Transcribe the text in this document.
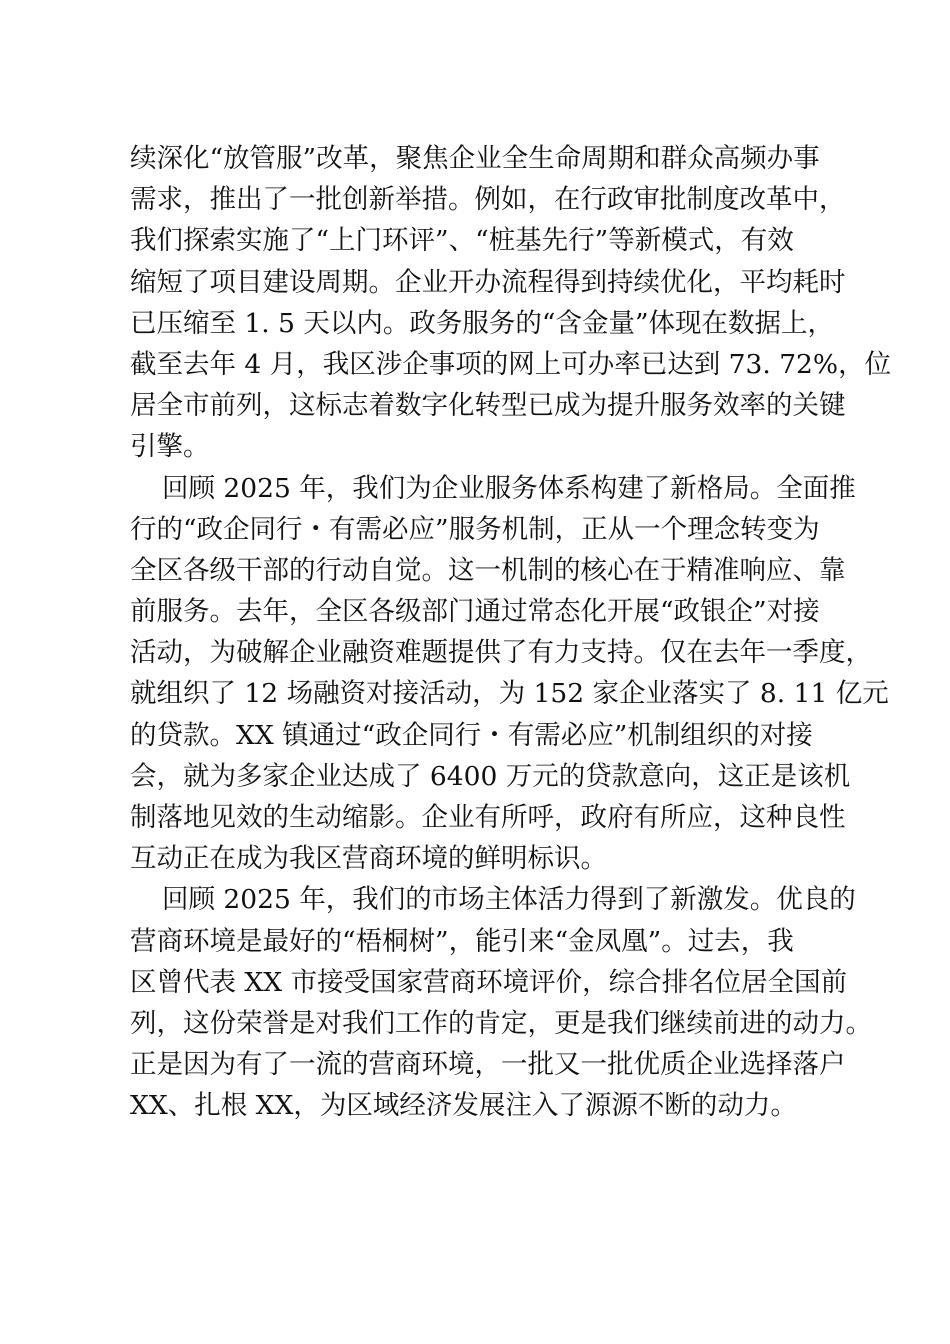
续深化“放管服”改革，聚焦企业全生命周期和群众高频办事
需求，推出了一批创新举措。例如，在行政审批制度改革中，
我们探索实施了“上门环评”、“桩基先行”等新模式，有效
缩短了项目建设周期。企业开办流程得到持续优化，平均耗时
已压缩至 1. 5 天以内。政务服务的“含金量”体现在数据上，
截至去年 4 月，我区涉企事项的网上可办率已达到 73. 72%，位
居全市前列，这标志着数字化转型已成为提升服务效率的关键
引擎。
回顾 2025 年，我们为企业服务体系构建了新格局。全面推
行的“政企同行・有需必应”服务机制，正从一个理念转变为
全区各级干部的行动自觉。这一机制的核心在于精准响应、靠
前服务。去年，全区各级部门通过常态化开展“政银企”对接
活动，为破解企业融资难题提供了有力支持。仅在去年一季度，
就组织了 12 场融资对接活动，为 152 家企业落实了 8. 11 亿元
的贷款。XX 镇通过“政企同行・有需必应”机制组织的对接
会，就为多家企业达成了 6400 万元的贷款意向，这正是该机
制落地见效的生动缩影。企业有所呼，政府有所应，这种良性
互动正在成为我区营商环境的鲜明标识。
回顾 2025 年，我们的市场主体活力得到了新激发。优良的
营商环境是最好的“梧桐树”，能引来“金凤凰”。过去，我
区曾代表 XX 市接受国家营商环境评价，综合排名位居全国前
列，这份荣誉是对我们工作的肯定，更是我们继续前进的动力。
正是因为有了一流的营商环境，一批又一批优质企业选择落户
XX、扎根 XX，为区域经济发展注入了源源不断的动力。
